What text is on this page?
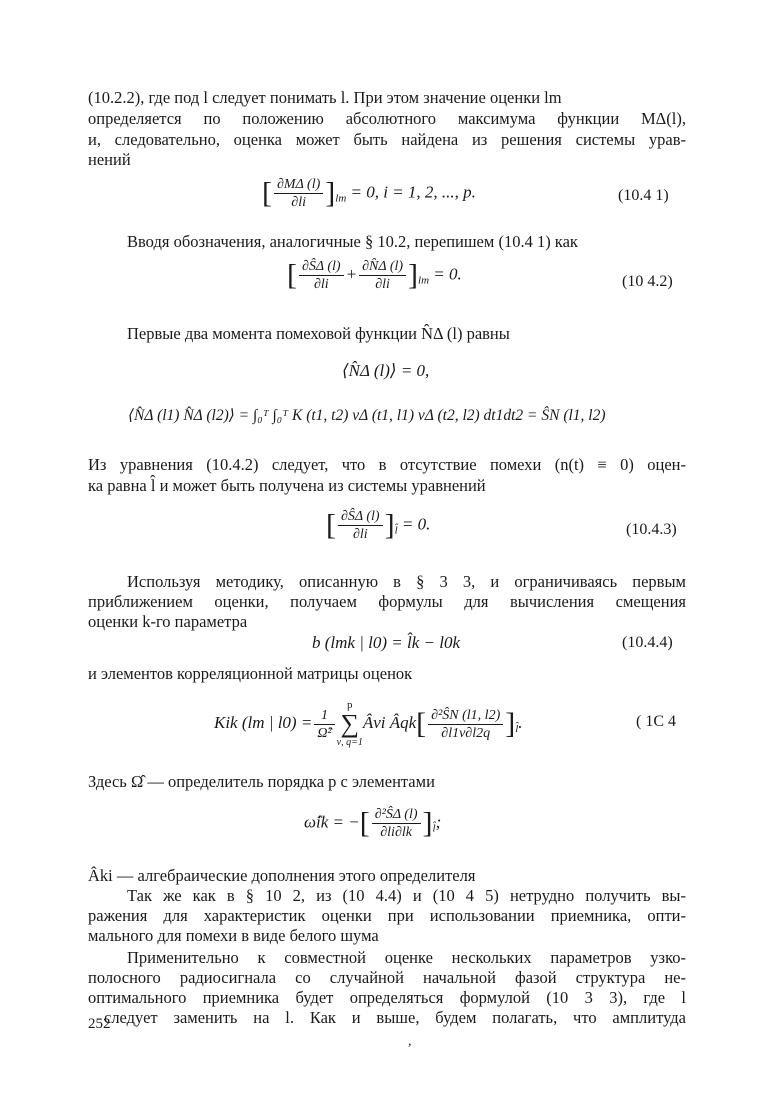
(10.2.2), где под l следует понимать l. При этом значение оценки lm
определяется по положению абсолютного максимума функции MΔ(l),
и, следовательно, оценка может быть найдена из решения системы урав-
нений
[ $\frac{\partial M\Delta (l)}{\partial li} ]_{lm} = 0$, i = 1, 2, ..., p.	(10.4 1)
Вводя обозначения, аналогичные § 10.2, перепишем (10.4 1) как
[ $\frac{\partial Ŝ\Delta (l)}{\partial li} + \frac{\partial N̂\Delta (l)}{\partial li} ]_{lm} = 0$.	(10 4.2)
Первые два момента помеховой функции N̂Δ (l) равны
⟨N̂Δ (l)⟩ = 0,
⟨N̂Δ (l1) N̂Δ (l2)⟩ = ∫₀ᵀ ∫₀ᵀ K (t1, t2) vΔ (t1, l1) vΔ (t2, l2) dt1dt2 = ŜN (l1, l2)
Из уравнения (10.4.2) следует, что в отсутствие помехи (n(t) ≡ 0) оцен-
ка равна l̂ и может быть получена из системы уравнений
[ $\frac{\partial Ŝ\Delta (l)}{\partial li} ]_{l̂} = 0$.	(10.4.3)
Используя методику, описанную в § 3 3, и ограничиваясь первым
приближением оценки, получаем формулы для вычисления смещения
оценки k-го параметра
b (lmk | l0) = l̂k − l0k	(10.4.4)
и элементов корреляционной матрицы оценок
Kik (lm | $l0) = \frac{1}{\text{Ω̂²}}$
p
∑
ν, q=1
Âνi Âqk[ $\frac{\text{∂²ŜN (l1, l2)}}{\partial l1\nu\partial l2q} ]_{l̂}$.	( 1С 4
Здесь Ω̂ — определитель порядка p с элементами
ω̂ik = −[ $\frac{\text{∂²ŜΔ (l)}}{\partial li\partial lk} ]_{l̂}$;
Âki — алгебраические дополнения этого определителя
Так же как в § 10 2, из (10 4.4) и (10 4 5) нетрудно получить вы-
ражения для характеристик оценки при использовании приемника, опти-
мального для помехи в виде белого шума
Применительно к совместной оценке нескольких параметров узко-
полосного радиосигнала со случайной начальной фазой структура не-
оптимального приемника будет определяться формулой (10 3 3), где l
следует заменить на l. Как и выше, будем полагать, что амплитуда
252
,
